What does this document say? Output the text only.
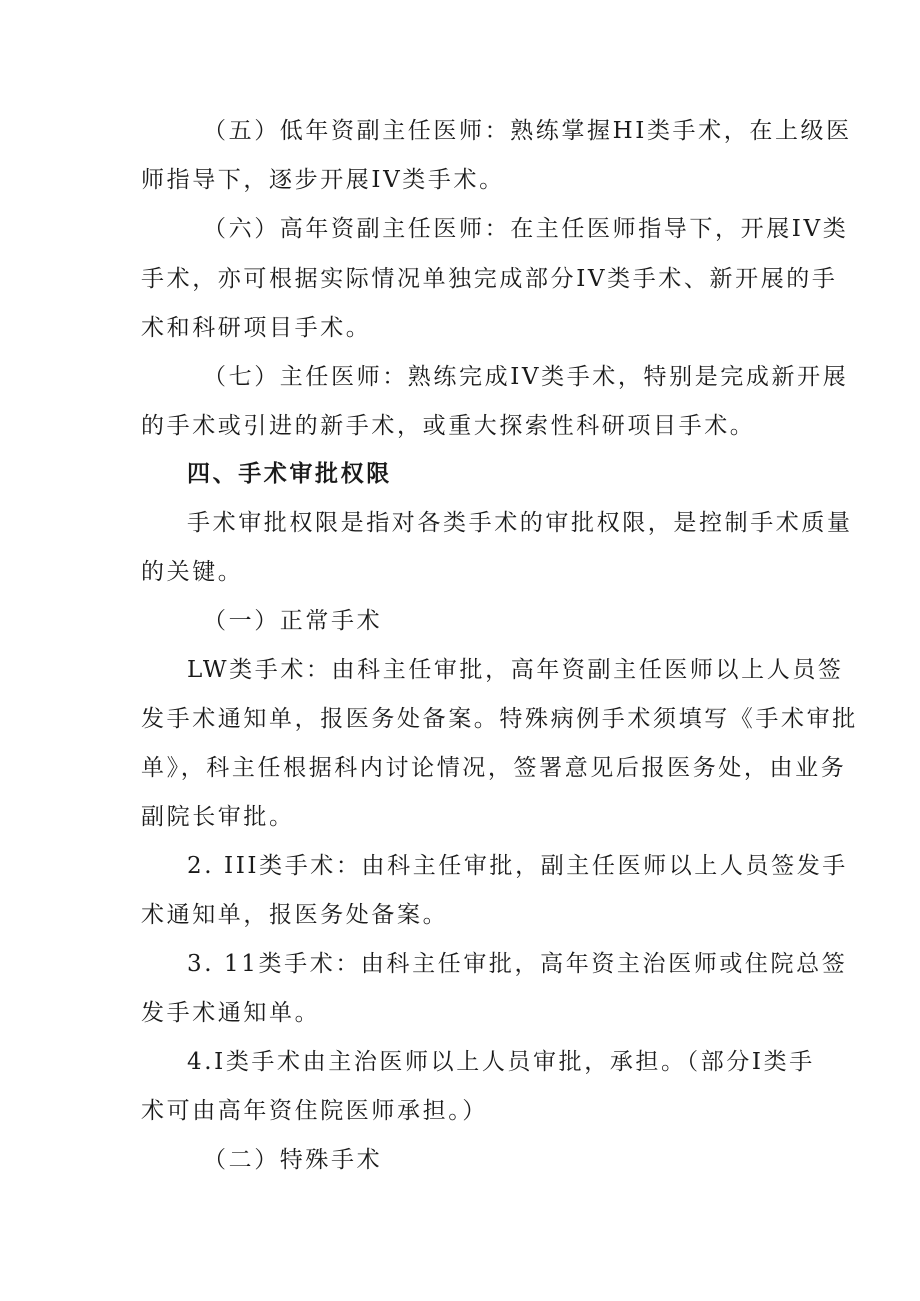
（五）低年资副主任医师：熟练掌握HI类手术，在上级医

师指导下，逐步开展IV类手术。

（六）高年资副主任医师：在主任医师指导下，开展IV类

手术，亦可根据实际情况单独完成部分IV类手术、新开展的手

术和科研项目手术。

（七）主任医师：熟练完成IV类手术，特别是完成新开展

的手术或引进的新手术，或重大探索性科研项目手术。

四、手术审批权限

手术审批权限是指对各类手术的审批权限，是控制手术质量

的关键。

（一）正常手术

LW类手术：由科主任审批，高年资副主任医师以上人员签

发手术通知单，报医务处备案。特殊病例手术须填写《手术审批

单》，科主任根据科内讨论情况，签署意见后报医务处，由业务

副院长审批。

2. III类手术：由科主任审批，副主任医师以上人员签发手

术通知单，报医务处备案。

3. 11类手术：由科主任审批，高年资主治医师或住院总签

发手术通知单。

4.I类手术由主治医师以上人员审批，承担。（部分I类手

术可由高年资住院医师承担。）

（二）特殊手术
